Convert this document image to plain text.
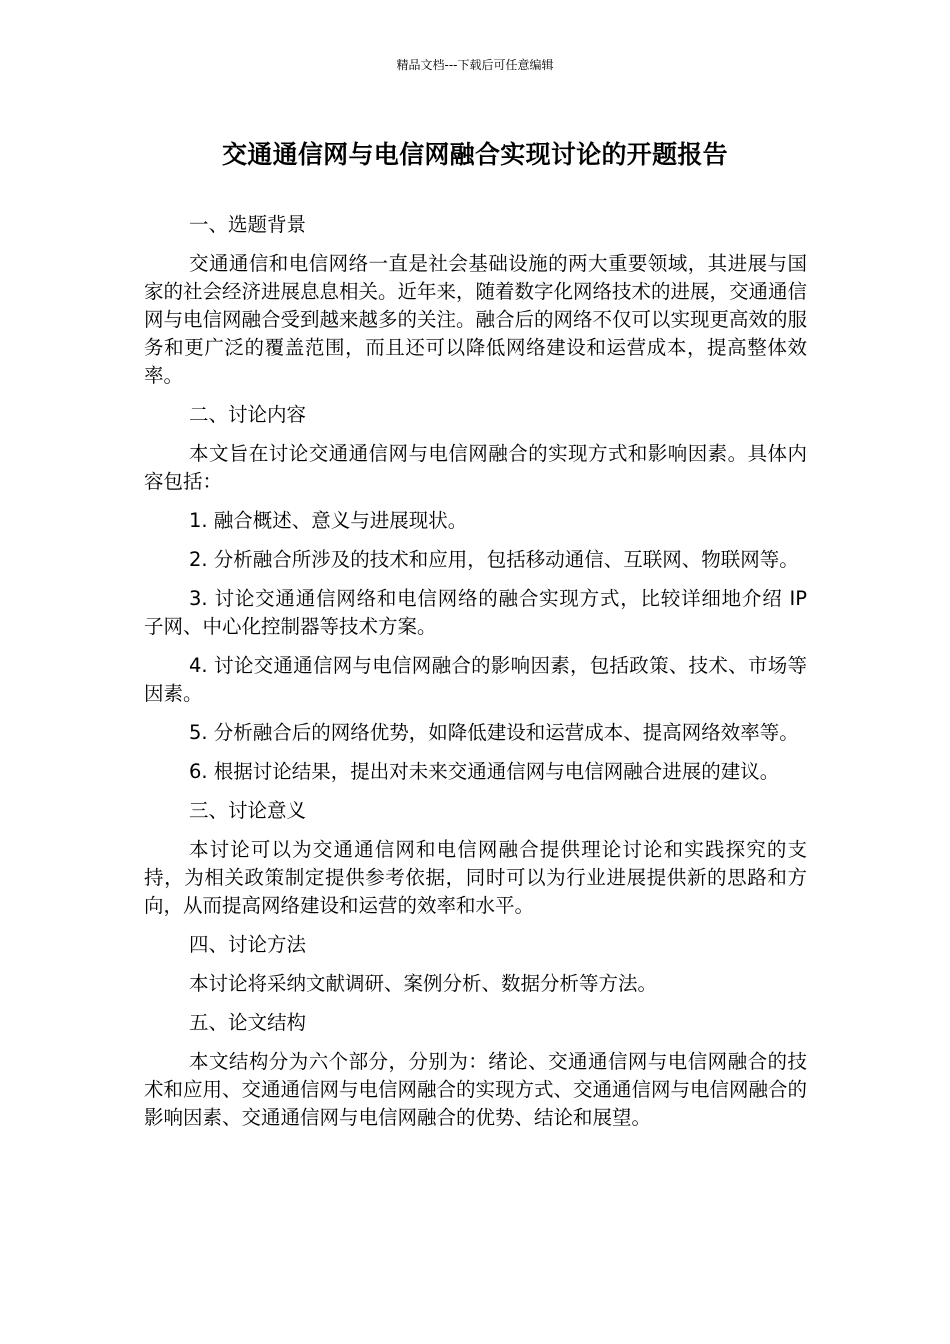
精品文档---下载后可任意编辑
交通通信网与电信网融合实现讨论的开题报告

一、选题背景

交通通信和电信网络一直是社会基础设施的两大重要领域，其进展与国家的社会经济进展息息相关。近年来，随着数字化网络技术的进展，交通通信网与电信网融合受到越来越多的关注。融合后的网络不仅可以实现更高效的服务和更广泛的覆盖范围，而且还可以降低网络建设和运营成本，提高整体效率。

二、讨论内容

本文旨在讨论交通通信网与电信网融合的实现方式和影响因素。具体内容包括：

1. 融合概述、意义与进展现状。

2. 分析融合所涉及的技术和应用，包括移动通信、互联网、物联网等。

3. 讨论交通通信网络和电信网络的融合实现方式，比较详细地介绍 IP 子网、中心化控制器等技术方案。

4. 讨论交通通信网与电信网融合的影响因素，包括政策、技术、市场等因素。

5. 分析融合后的网络优势，如降低建设和运营成本、提高网络效率等。

6. 根据讨论结果，提出对未来交通通信网与电信网融合进展的建议。

三、讨论意义

本讨论可以为交通通信网和电信网融合提供理论讨论和实践探究的支持，为相关政策制定提供参考依据，同时可以为行业进展提供新的思路和方向，从而提高网络建设和运营的效率和水平。

四、讨论方法

本讨论将采纳文献调研、案例分析、数据分析等方法。

五、论文结构

本文结构分为六个部分，分别为：绪论、交通通信网与电信网融合的技术和应用、交通通信网与电信网融合的实现方式、交通通信网与电信网融合的影响因素、交通通信网与电信网融合的优势、结论和展望。
